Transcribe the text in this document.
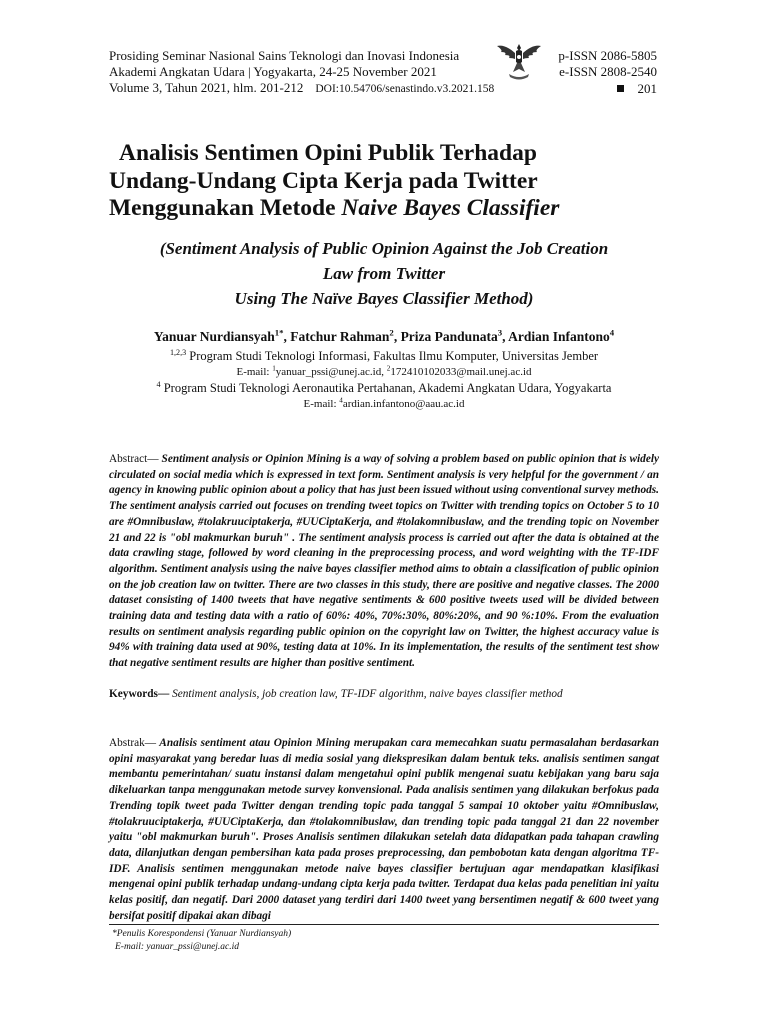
Prosiding Seminar Nasional Sains Teknologi dan Inovasi Indonesia	p-ISSN 2086-5805
Akademi Angkatan Udara | Yogyakarta, 24-25 November 2021	e-ISSN 2808-2540
Volume 3, Tahun 2021, hlm. 201-212 DOI:10.54706/senastindo.v3.2021.158	201
Analisis Sentimen Opini Publik Terhadap
Undang-Undang Cipta Kerja pada Twitter
Menggunakan Metode Naive Bayes Classifier
(Sentiment Analysis of Public Opinion Against the Job Creation
Law from Twitter
Using The Naïve Bayes Classifier Method)
Yanuar Nurdiansyah$^{1*}$, Fatchur Rahman$^2$, Priza Pandunata$^3$, Ardian Infantono$^4$
$^{1,2,3}$ Program Studi Teknologi Informasi, Fakultas Ilmu Komputer, Universitas Jember
E-mail: $^1$yanuar_pssi@unej.ac.id, $^2$172410102033@mail.unej.ac.id
$^4$ Program Studi Teknologi Aeronautika Pertahanan, Akademi Angkatan Udara, Yogyakarta
E-mail: $^4$ardian.infantono@aau.ac.id
Abstract— Sentiment analysis or Opinion Mining is a way of solving a problem based on public opinion that is widely circulated on social media which is expressed in text form. Sentiment analysis is very helpful for the government / an agency in knowing public opinion about a policy that has just been issued without using conventional survey methods. The sentiment analysis carried out focuses on trending tweet topics on Twitter with trending topics on October 5 to 10 are #Omnibuslaw, #tolakruuciptakerja, #UUCiptaKerja, and #tolakomnibuslaw, and the trending topic on November 21 and 22 is "obl makmurkan buruh" . The sentiment analysis process is carried out after the data is obtained at the data crawling stage, followed by word cleaning in the preprocessing process, and word weighting with the TF-IDF algorithm. Sentiment analysis using the naive bayes classifier method aims to obtain a classification of public opinion on the job creation law on twitter. There are two classes in this study, there are positive and negative classes. The 2000 dataset consisting of 1400 tweets that have negative sentiments & 600 positive tweets used will be divided between training data and testing data with a ratio of 60%: 40%, 70%:30%, 80%:20%, and 90 %:10%. From the evaluation results on sentiment analysis regarding public opinion on the copyright law on Twitter, the highest accuracy value is 94% with training data used at 90%, testing data at 10%. In its implementation, the results of the sentiment test show that negative sentiment results are higher than positive sentiment.
Keywords— Sentiment analysis, job creation law, TF-IDF algorithm, naive bayes classifier method
Abstrak— Analisis sentiment atau Opinion Mining merupakan cara memecahkan suatu permasalahan berdasarkan opini masyarakat yang beredar luas di media sosial yang diekspresikan dalam bentuk teks. analisis sentimen sangat membantu pemerintahan/ suatu instansi dalam mengetahui opini publik mengenai suatu kebijakan yang baru saja dikeluarkan tanpa menggunakan metode survey konvensional. Pada analisis sentimen yang dilakukan berfokus pada Trending topik tweet pada Twitter dengan trending topic pada tanggal 5 sampai 10 oktober yaitu #Omnibuslaw, #tolakruuciptakerja, #UUCiptaKerja, dan #tolakomnibuslaw, dan trending topic pada tanggal 21 dan 22 november yaitu "obl makmurkan buruh". Proses Analisis sentimen dilakukan setelah data didapatkan pada tahapan crawling data, dilanjutkan dengan pembersihan kata pada proses preprocessing, dan pembobotan kata dengan algoritma TF-IDF. Analisis sentimen menggunakan metode naive bayes classifier bertujuan agar mendapatkan klasifikasi mengenai opini publik terhadap undang-undang cipta kerja pada twitter. Terdapat dua kelas pada penelitian ini yaitu kelas positif, dan negatif. Dari 2000 dataset yang terdiri dari 1400 tweet yang bersentimen negatif & 600 tweet yang bersifat positif dipakai akan dibagi
*Penulis Korespondensi (Yanuar Nurdiansyah)
E-mail: yanuar_pssi@unej.ac.id
